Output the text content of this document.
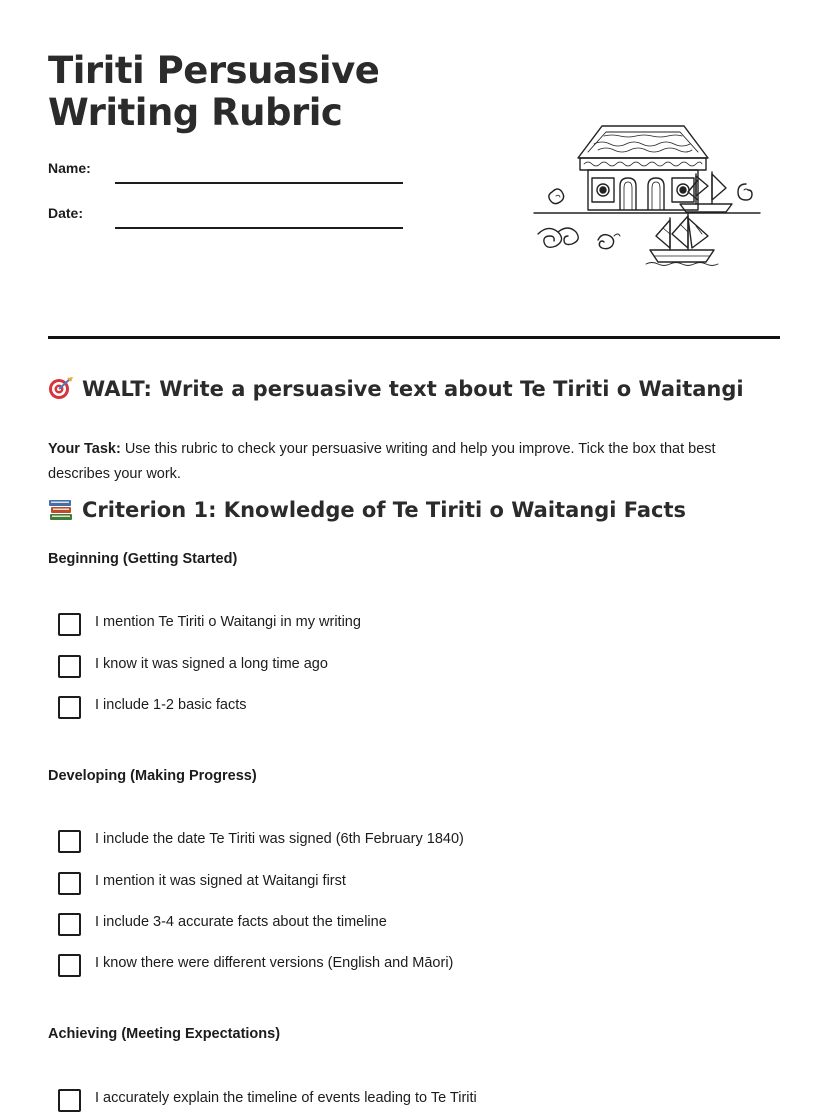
Tiriti Persuasive Writing Rubric
Name:
Date:
WALT: Write a persuasive text about Te Tiriti o Waitangi

Your Task: Use this rubric to check your persuasive writing and help you improve. Tick the box that best describes your work.

Criterion 1: Knowledge of Te Tiriti o Waitangi Facts
Beginning (Getting Started)
I mention Te Tiriti o Waitangi in my writing
I know it was signed a long time ago
I include 1-2 basic facts
Developing (Making Progress)
I include the date Te Tiriti was signed (6th February 1840)
I mention it was signed at Waitangi first
I include 3-4 accurate facts about the timeline
I know there were different versions (English and Māori)
Achieving (Meeting Expectations)
I accurately explain the timeline of events leading to Te Tiriti
